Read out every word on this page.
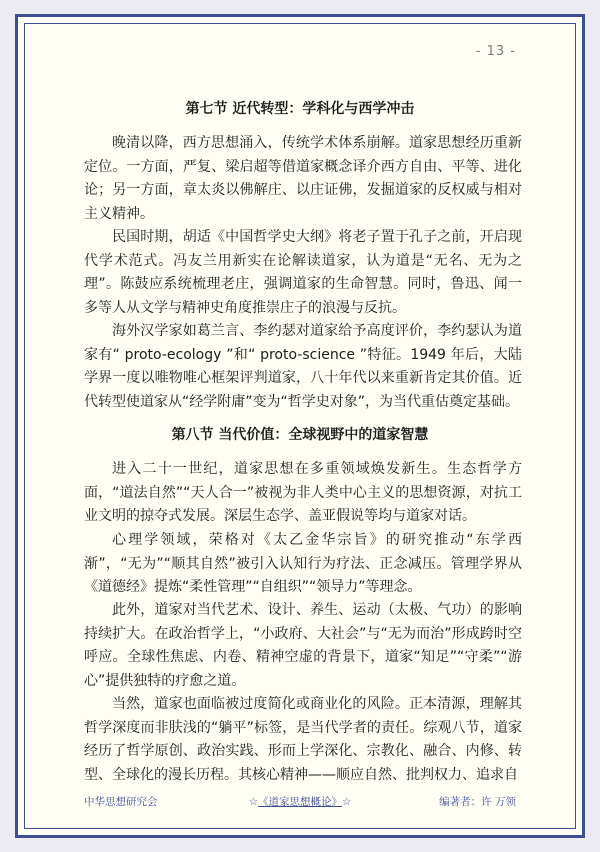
- 13 -
第七节 近代转型：学科化与西学冲击

晚清以降，西方思想涌入，传统学术体系崩解。道家思想经历重新定位。一方面，严复、梁启超等借道家概念译介西方自由、平等、进化论；另一方面，章太炎以佛解庄、以庄证佛，发掘道家的反权威与相对主义精神。

民国时期，胡适《中国哲学史大纲》将老子置于孔子之前，开启现代学术范式。冯友兰用新实在论解读道家，认为道是“无名、无为之理”。陈鼓应系统梳理老庄，强调道家的生命智慧。同时，鲁迅、闻一多等人从文学与精神史角度推崇庄子的浪漫与反抗。

海外汉学家如葛兰言、李约瑟对道家给予高度评价，李约瑟认为道家有“ proto-ecology ”和“ proto-science ”特征。1949 年后，大陆学界一度以唯物唯心框架评判道家，八十年代以来重新肯定其价值。近代转型使道家从“经学附庸”变为“哲学史对象”，为当代重估奠定基础。

第八节 当代价值：全球视野中的道家智慧

进入二十一世纪，道家思想在多重领域焕发新生。生态哲学方面，“道法自然”“天人合一”被视为非人类中心主义的思想资源，对抗工业文明的掠夺式发展。深层生态学、盖亚假说等均与道家对话。

心理学领域，荣格对《太乙金华宗旨》的研究推动“东学西渐”，“无为”“顺其自然”被引入认知行为疗法、正念减压。管理学界从《道德经》提炼“柔性管理”“自组织”“领导力”等理念。

此外，道家对当代艺术、设计、养生、运动（太极、气功）的影响持续扩大。在政治哲学上，“小政府、大社会”与“无为而治”形成跨时空呼应。全球性焦虑、内卷、精神空虚的背景下，道家“知足”“守柔”“游心”提供独特的疗愈之道。

当然，道家也面临被过度简化或商业化的风险。正本清源，理解其哲学深度而非肤浅的“躺平”标签，是当代学者的责任。综观八节，道家经历了哲学原创、政治实践、形而上学深化、宗教化、融合、内修、转型、全球化的漫长历程。其核心精神——顺应自然、批判权力、追求自

中华思想研究会	☆《道家思想概论》☆	编著者：许 万领
